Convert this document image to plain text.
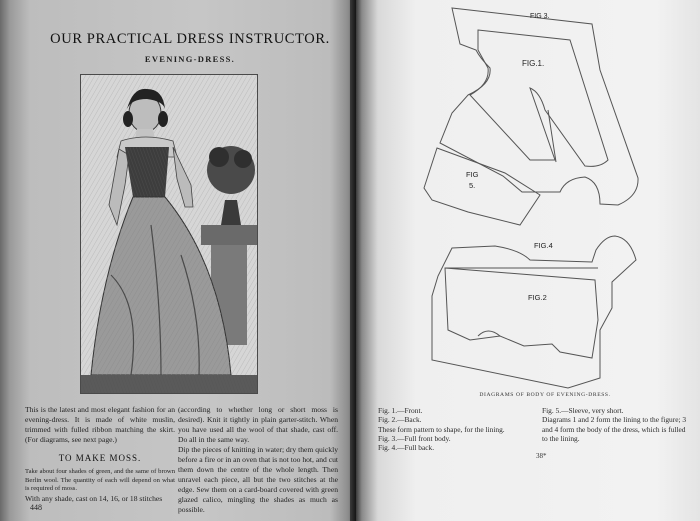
OUR PRACTICAL DRESS INSTRUCTOR.
EVENING-DRESS.

This is the latest and most elegant fashion for an evening-dress. It is made of white muslin, trimmed with fulled ribbon matching the skirt. (For diagrams, see next page.)

TO MAKE MOSS.

Take about four shades of green, and the same of brown Berlin wool. The quantity of each will depend on what is required of moss.

With any shade, cast on 14, 16, or 18 stitches

(according to whether long or short moss is desired). Knit it tightly in plain garter-stitch. When you have used all the wool of that shade, cast off. Do all in the same way.

Dip the pieces of knitting in water; dry them quickly before a fire or in an oven that is not too hot, and cut them down the centre of the whole length. Then unravel each piece, all but the two stitches at the edge. Sew them on a card-board covered with green glazed calico, mingling the shades as much as possible.

448
FIG 3.
FIG.1.
FIG
5.
FIG.4
FIG.2
DIAGRAMS OF BODY OF EVENING-DRESS.
Fig. 1.—Front.
Fig. 2.—Back.
These form pattern to shape, for the lining.
Fig. 3.—Full front body.
Fig. 4.—Full back.
Fig. 5.—Sleeve, very short.
Diagrams 1 and 2 form the lining to the figure; 3 and 4 form the body of the dress, which is fulled to the lining.
38*
